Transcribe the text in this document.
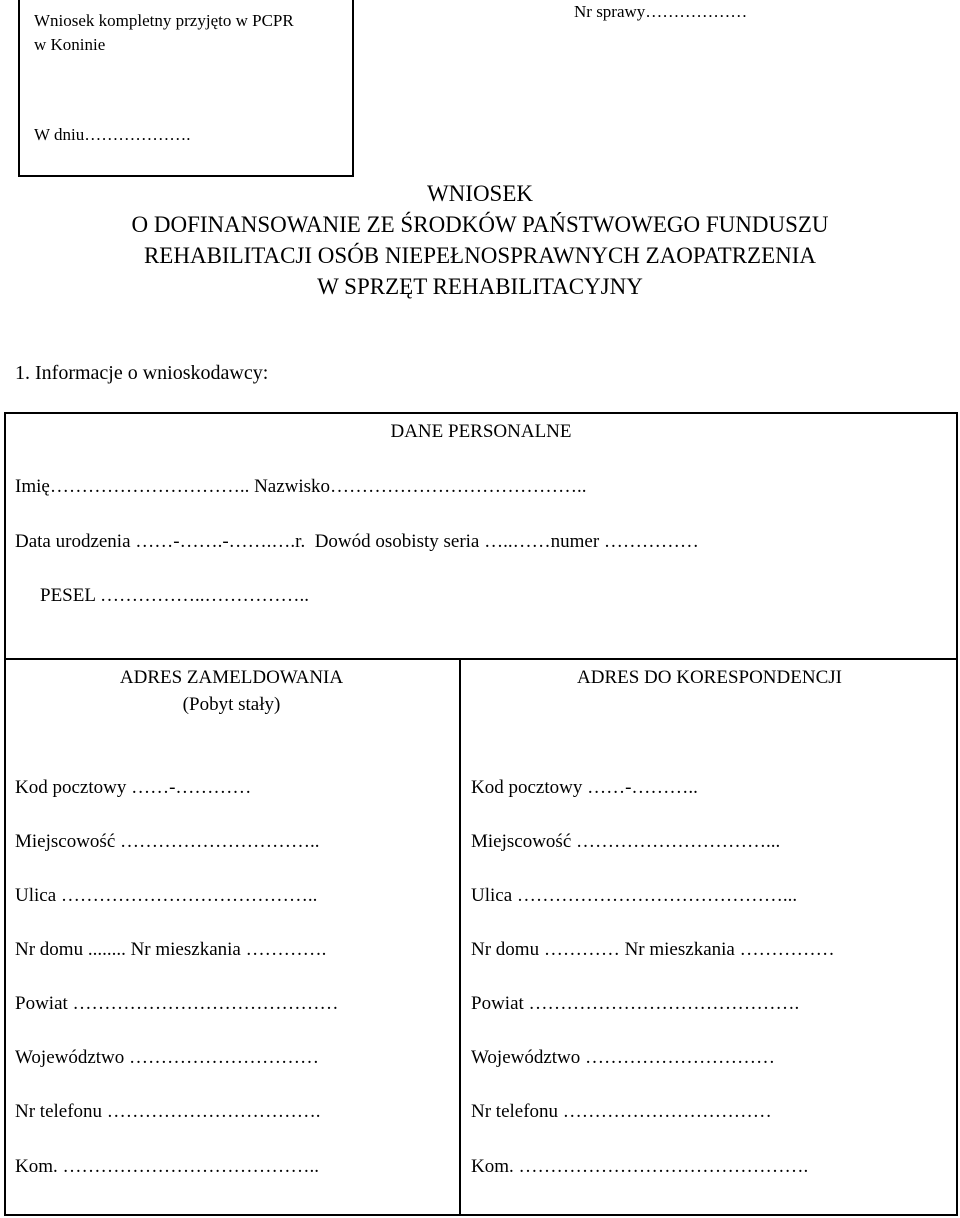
Wniosek kompletny przyjęto w PCPR
w Koninie
W dniu……………….
Nr sprawy………………
WNIOSEK
O DOFINANSOWANIE ZE ŚRODKÓW PAŃSTWOWEGO FUNDUSZU
REHABILITACJI OSÓB NIEPEŁNOSPRAWNYCH ZAOPATRZENIA
W SPRZĘT REHABILITACYJNY
1. Informacje o wnioskodawcy:
DANE PERSONALNE
Imię………………………….. Nazwisko…………………………………..
Data urodzenia ……-…….-…….….r.  Dowód osobisty seria …..……numer ……………
PESEL ……………..……………..
ADRES ZAMELDOWANIA
(Pobyt stały)
Kod pocztowy ……-…………
Miejscowość …………………………..
Ulica …………………………………..
Nr domu ........ Nr mieszkania ………….
Powiat ……………………………………
Województwo …………………………
Nr telefonu …………………………….
Kom. …………………………………..
ADRES DO KORESPONDENCJI
Kod pocztowy ……-………..
Miejscowość …………………………...
Ulica ……………………………………...
Nr domu ………… Nr mieszkania ……………
Powiat …………………………………….
Województwo …………………………
Nr telefonu ……………………………
Kom. ……………………………………….
